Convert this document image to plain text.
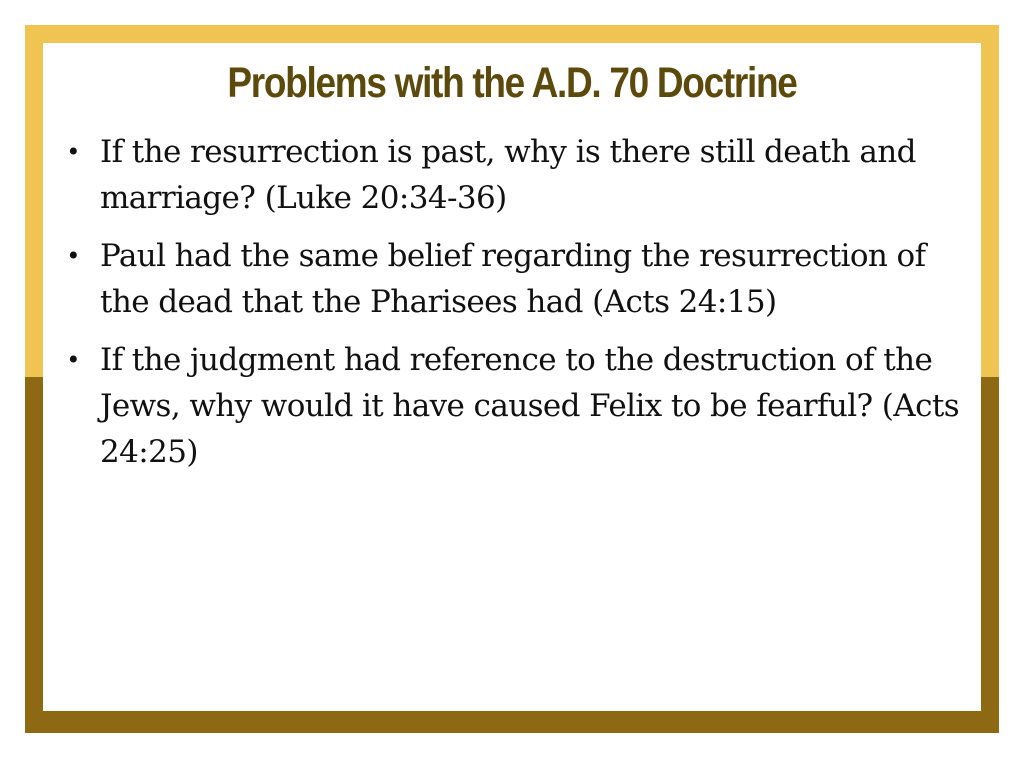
Problems with the A.D. 70 Doctrine
• If the resurrection is past, why is there still death and marriage? (Luke 20:34-36)
• Paul had the same belief regarding the resurrection of the dead that the Pharisees had (Acts 24:15)
• If the judgment had reference to the destruction of the Jews, why would it have caused Felix to be fearful? (Acts 24:25)
